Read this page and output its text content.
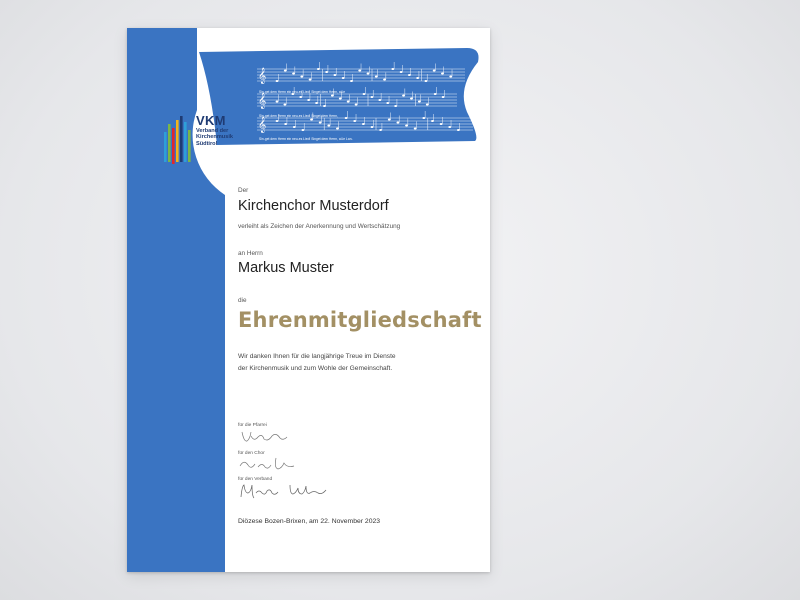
𝄞
𝄞
𝄞
Sin-get dem Herrn ein neu-es Lied! Singet dem Herrn, al-le
Sin-get dem Herrn ein neu-es Lied! Singet dem Herrn,
Sin-get dem Herrn ein neu-es Lied! Singet dem Herrn, al-le Lan-
VKM
Verband der
Kirchenmusik
Südtirol
Der
Kirchenchor Musterdorf
verleiht als Zeichen der Anerkennung und Wertschätzung
an Herrn
Markus Muster
die
Ehrenmitgliedschaft
Wir danken Ihnen für die langjährige Treue im Dienste
der Kirchenmusik und zum Wohle der Gemeinschaft.
für die Pfarrei
für den Chor
für den Verband
Diözese Bozen-Brixen, am 22. November 2023
